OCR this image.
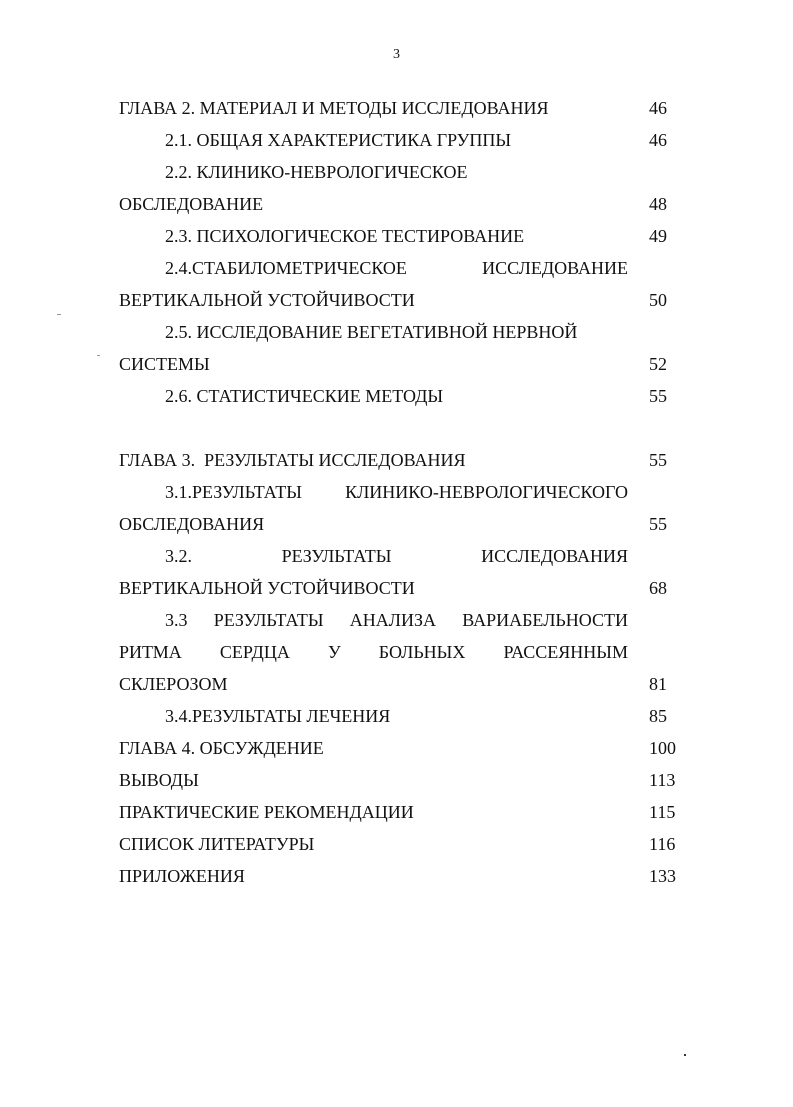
3
ГЛАВА 2. МАТЕРИАЛ И МЕТОДЫ ИССЛЕДОВАНИЯ	46
2.1. ОБЩАЯ ХАРАКТЕРИСТИКА ГРУППЫ	46
2.2. КЛИНИКО-НЕВРОЛОГИЧЕСКОЕ
ОБСЛЕДОВАНИЕ	48
2.3. ПСИХОЛОГИЧЕСКОЕ ТЕСТИРОВАНИЕ	49
2.4.СТАБИЛОМЕТРИЧЕСКОЕ	ИССЛЕДОВАНИЕ
ВЕРТИКАЛЬНОЙ УСТОЙЧИВОСТИ	50
2.5. ИССЛЕДОВАНИЕ ВЕГЕТАТИВНОЙ НЕРВНОЙ
СИСТЕМЫ	52
2.6. СТАТИСТИЧЕСКИЕ МЕТОДЫ	55
ГЛАВА 3.  РЕЗУЛЬТАТЫ ИССЛЕДОВАНИЯ	55
3.1.РЕЗУЛЬТАТЫ КЛИНИКО-НЕВРОЛОГИЧЕСКОГО
ОБСЛЕДОВАНИЯ	55
3.2.	РЕЗУЛЬТАТЫ	ИССЛЕДОВАНИЯ
ВЕРТИКАЛЬНОЙ УСТОЙЧИВОСТИ	68
3.3 РЕЗУЛЬТАТЫ АНАЛИЗА ВАРИАБЕЛЬНОСТИ
РИТМА СЕРДЦА У БОЛЬНЫХ РАССЕЯННЫМ
СКЛЕРОЗОМ	81
3.4.РЕЗУЛЬТАТЫ ЛЕЧЕНИЯ	85
ГЛАВА 4. ОБСУЖДЕНИЕ	100
ВЫВОДЫ	113
ПРАКТИЧЕСКИЕ РЕКОМЕНДАЦИИ	115
СПИСОК ЛИТЕРАТУРЫ	116
ПРИЛОЖЕНИЯ	133
